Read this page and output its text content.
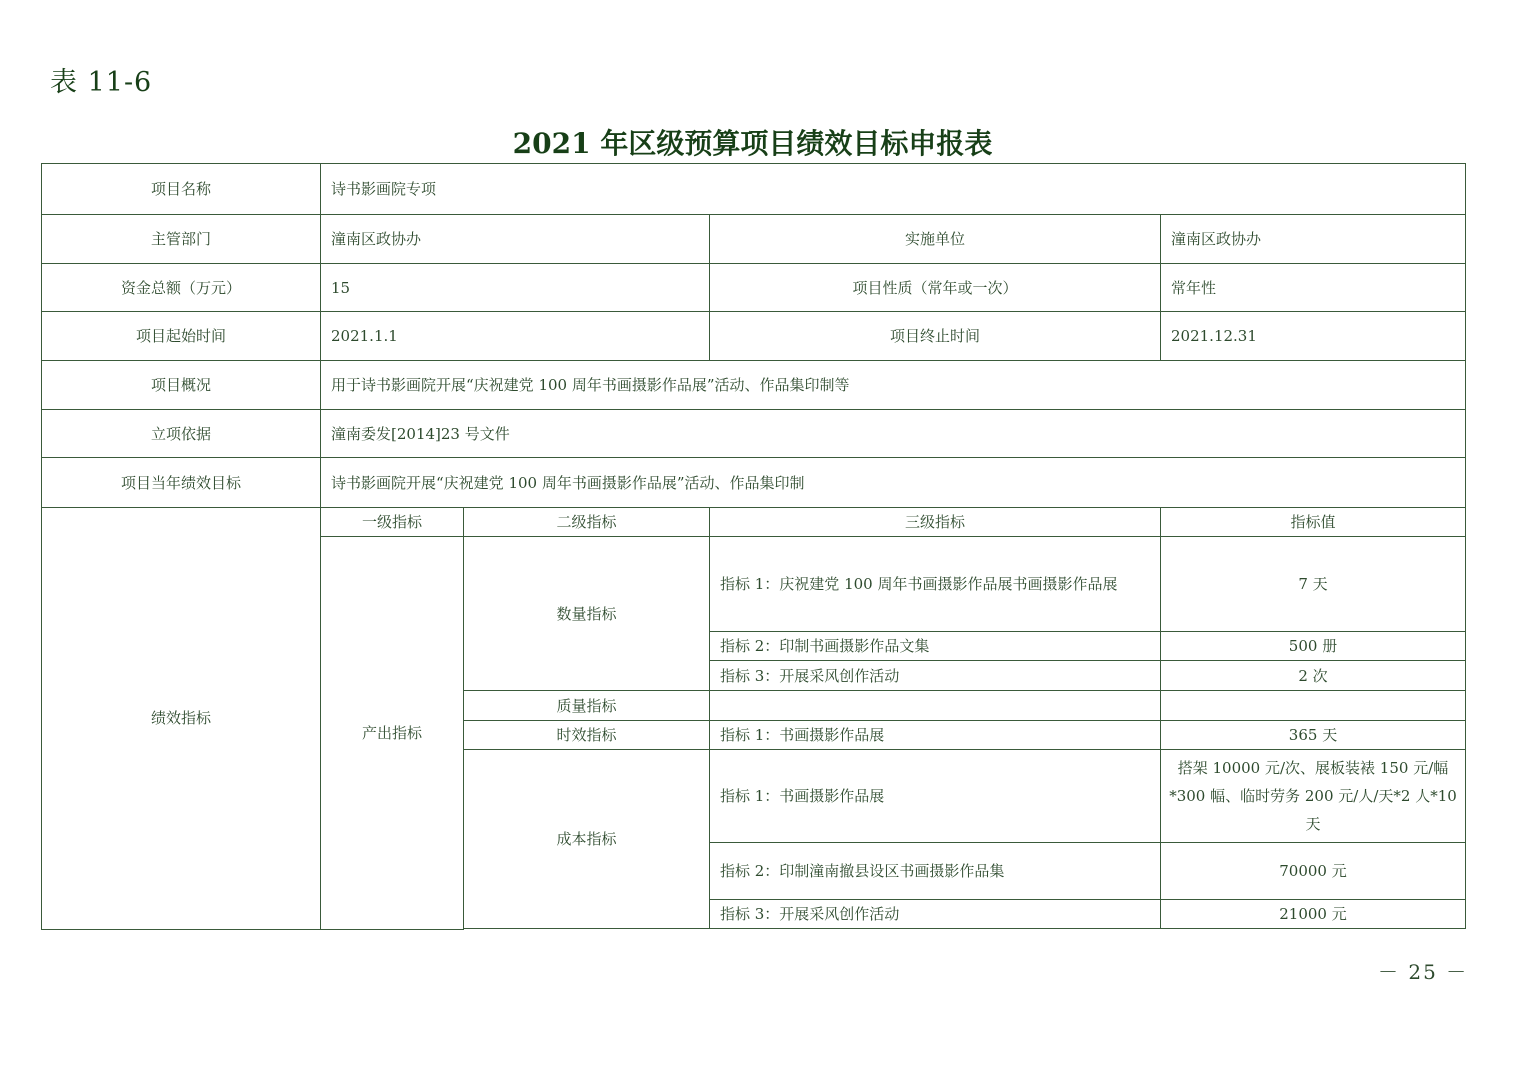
表 11-6
2021 年区级预算项目绩效目标申报表
项目名称	诗书影画院专项			
主管部门	潼南区政协办		实施单位	潼南区政协办
资金总额（万元）	15		项目性质（常年或一次）	常年性
项目起始时间	2021.1.1		项目终止时间	2021.12.31
项目概况	用于诗书影画院开展“庆祝建党 100 周年书画摄影作品展”活动、作品集印制等			
立项依据	潼南委发[2014]23 号文件			
项目当年绩效目标	诗书影画院开展“庆祝建党 100 周年书画摄影作品展”活动、作品集印制			
绩效指标	一级指标	二级指标	三级指标	指标值
	产出指标	数量指标	指标 1：庆祝建党 100 周年书画摄影作品展书画摄影作品展	7 天
			指标 2：印制书画摄影作品文集	500 册
			指标 3：开展采风创作活动	2 次
		质量指标		
		时效指标	指标 1：书画摄影作品展	365 天
		成本指标	指标 1：书画摄影作品展	搭架 10000 元/次、展板装裱 150 元/幅*300 幅、临时劳务 200 元/人/天*2 人*10 天
			指标 2：印制潼南撤县设区书画摄影作品集	70000 元
			指标 3：开展采风创作活动	21000 元

－ 25 －
